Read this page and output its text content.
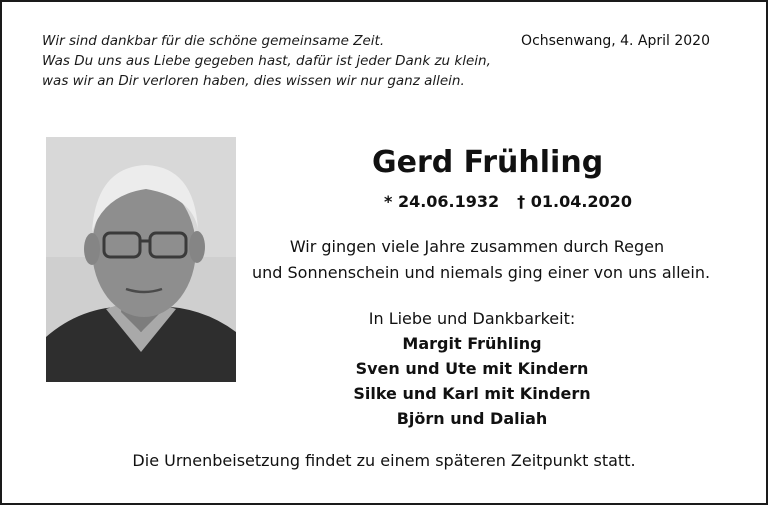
Wir sind dankbar für die schöne gemeinsame Zeit.
Was Du uns aus Liebe gegeben hast, dafür ist jeder Dank zu klein,
was wir an Dir verloren haben, dies wissen wir nur ganz allein.
Ochsenwang, 4. April 2020
Gerd Frühling
* 24.06.1932 † 01.04.2020
Wir gingen viele Jahre zusammen durch Regen
und Sonnenschein und niemals ging einer von uns allein.
In Liebe und Dankbarkeit:
Margit Frühling
Sven und Ute mit Kindern
Silke und Karl mit Kindern
Björn und Daliah
Die Urnenbeisetzung findet zu einem späteren Zeitpunkt statt.
